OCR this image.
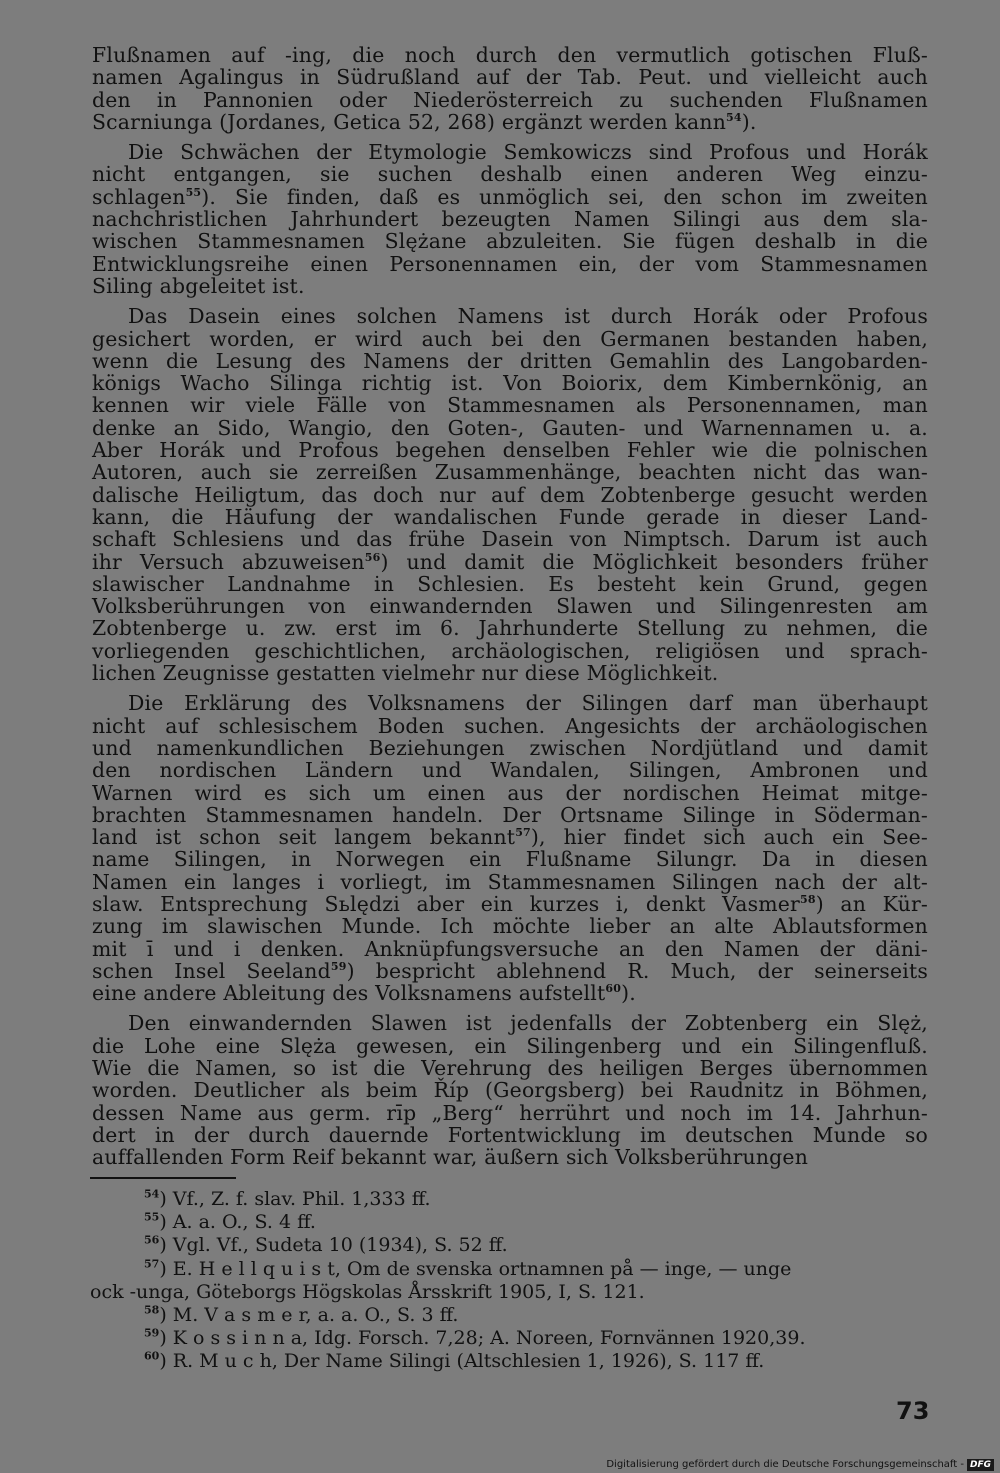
Flußnamen auf -ing, die noch durch den vermutlich gotischen Fluß-
namen Agalingus in Südrußland auf der Tab. Peut. und vielleicht auch
den in Pannonien oder Niederösterreich zu suchenden Flußnamen
Scarniunga (Jordanes, Getica 52, 268) ergänzt werden kann$^{54}$).

Die Schwächen der Etymologie Semkowiczs sind Profous und Horák
nicht entgangen, sie suchen deshalb einen anderen Weg einzu-
schlagen$^{55}$). Sie finden, daß es unmöglich sei, den schon im zweiten
nachchristlichen Jahrhundert bezeugten Namen Silingi aus dem sla-
wischen Stammesnamen Slężane abzuleiten. Sie fügen deshalb in die
Entwicklungsreihe einen Personennamen ein, der vom Stammesnamen
Siling abgeleitet ist.

Das Dasein eines solchen Namens ist durch Horák oder Profous
gesichert worden, er wird auch bei den Germanen bestanden haben,
wenn die Lesung des Namens der dritten Gemahlin des Langobarden-
königs Wacho Silinga richtig ist. Von Boiorix, dem Kimbernkönig, an
kennen wir viele Fälle von Stammesnamen als Personennamen, man
denke an Sido, Wangio, den Goten-, Gauten- und Warnennamen u. a.
Aber Horák und Profous begehen denselben Fehler wie die polnischen
Autoren, auch sie zerreißen Zusammenhänge, beachten nicht das wan-
dalische Heiligtum, das doch nur auf dem Zobtenberge gesucht werden
kann, die Häufung der wandalischen Funde gerade in dieser Land-
schaft Schlesiens und das frühe Dasein von Nimptsch. Darum ist auch
ihr Versuch abzuweisen$^{56}$) und damit die Möglichkeit besonders früher
slawischer Landnahme in Schlesien. Es besteht kein Grund, gegen
Volksberührungen von einwandernden Slawen und Silingenresten am
Zobtenberge u. zw. erst im 6. Jahrhunderte Stellung zu nehmen, die
vorliegenden geschichtlichen, archäologischen, religiösen und sprach-
lichen Zeugnisse gestatten vielmehr nur diese Möglichkeit.

Die Erklärung des Volksnamens der Silingen darf man überhaupt
nicht auf schlesischem Boden suchen. Angesichts der archäologischen
und namenkundlichen Beziehungen zwischen Nordjütland und damit
den nordischen Ländern und Wandalen, Silingen, Ambronen und
Warnen wird es sich um einen aus der nordischen Heimat mitge-
brachten Stammesnamen handeln. Der Ortsname Silinge in Söderman-
land ist schon seit langem bekannt$^{57}$), hier findet sich auch ein See-
name Silingen, in Norwegen ein Flußname Silungr. Da in diesen
Namen ein langes i vorliegt, im Stammesnamen Silingen nach der alt-
slaw. Entsprechung Sьlędzi aber ein kurzes i, denkt Vasmer$^{58}$) an Kür-
zung im slawischen Munde. Ich möchte lieber an alte Ablautsformen
mit ī und i denken. Anknüpfungsversuche an den Namen der däni-
schen Insel Seeland$^{59}$) bespricht ablehnend R. Much, der seinerseits
eine andere Ableitung des Volksnamens aufstellt$^{60}$).

Den einwandernden Slawen ist jedenfalls der Zobtenberg ein Slęż,
die Lohe eine Slęża gewesen, ein Silingenberg und ein Silingenfluß.
Wie die Namen, so ist die Verehrung des heiligen Berges übernommen
worden. Deutlicher als beim Říp (Georgsberg) bei Raudnitz in Böhmen,
dessen Name aus germ. rīp „Berg“ herrührt und noch im 14. Jahrhun-
dert in der durch dauernde Fortentwicklung im deutschen Munde so
auffallenden Form Reif bekannt war, äußern sich Volksberührungen

$^{54}$) Vf., Z. f. slav. Phil. 1,333 ff.
$^{55}$) A. a. O., S. 4 ff.
$^{56}$) Vgl. Vf., Sudeta 10 (1934), S. 52 ff.
$^{57}$) E. H e l l q u i s t, Om de svenska ortnamnen på — inge, — unge
ock -unga, Göteborgs Högskolas Årsskrift 1905, I, S. 121.
$^{58}$) M. V a s m e r, a. a. O., S. 3 ff.
$^{59}$) K o s s i n n a, Idg. Forsch. 7,28; A. Noreen, Fornvännen 1920,39.
$^{60}$) R. M u c h, Der Name Silingi (Altschlesien 1, 1926), S. 117 ff.
73
Digitalisierung gefördert durch die Deutsche Forschungsgemeinschaft - DFG
